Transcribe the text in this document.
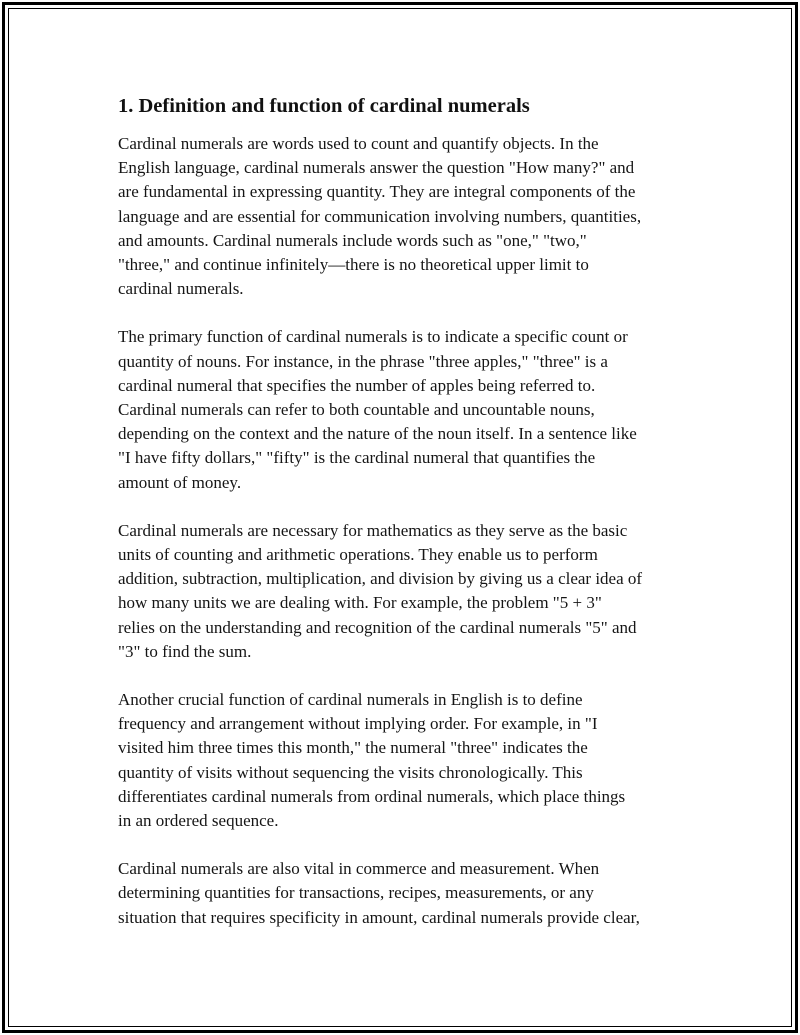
1. Definition and function of cardinal numerals

Cardinal numerals are words used to count and quantify objects. In the
English language, cardinal numerals answer the question "How many?" and
are fundamental in expressing quantity. They are integral components of the
language and are essential for communication involving numbers, quantities,
and amounts. Cardinal numerals include words such as "one," "two,"
"three," and continue infinitely—there is no theoretical upper limit to
cardinal numerals.

The primary function of cardinal numerals is to indicate a specific count or
quantity of nouns. For instance, in the phrase "three apples," "three" is a
cardinal numeral that specifies the number of apples being referred to.
Cardinal numerals can refer to both countable and uncountable nouns,
depending on the context and the nature of the noun itself. In a sentence like
"I have fifty dollars," "fifty" is the cardinal numeral that quantifies the
amount of money.

Cardinal numerals are necessary for mathematics as they serve as the basic
units of counting and arithmetic operations. They enable us to perform
addition, subtraction, multiplication, and division by giving us a clear idea of
how many units we are dealing with. For example, the problem "5 + 3"
relies on the understanding and recognition of the cardinal numerals "5" and
"3" to find the sum.

Another crucial function of cardinal numerals in English is to define
frequency and arrangement without implying order. For example, in "I
visited him three times this month," the numeral "three" indicates the
quantity of visits without sequencing the visits chronologically. This
differentiates cardinal numerals from ordinal numerals, which place things
in an ordered sequence.

Cardinal numerals are also vital in commerce and measurement. When
determining quantities for transactions, recipes, measurements, or any
situation that requires specificity in amount, cardinal numerals provide clear,
